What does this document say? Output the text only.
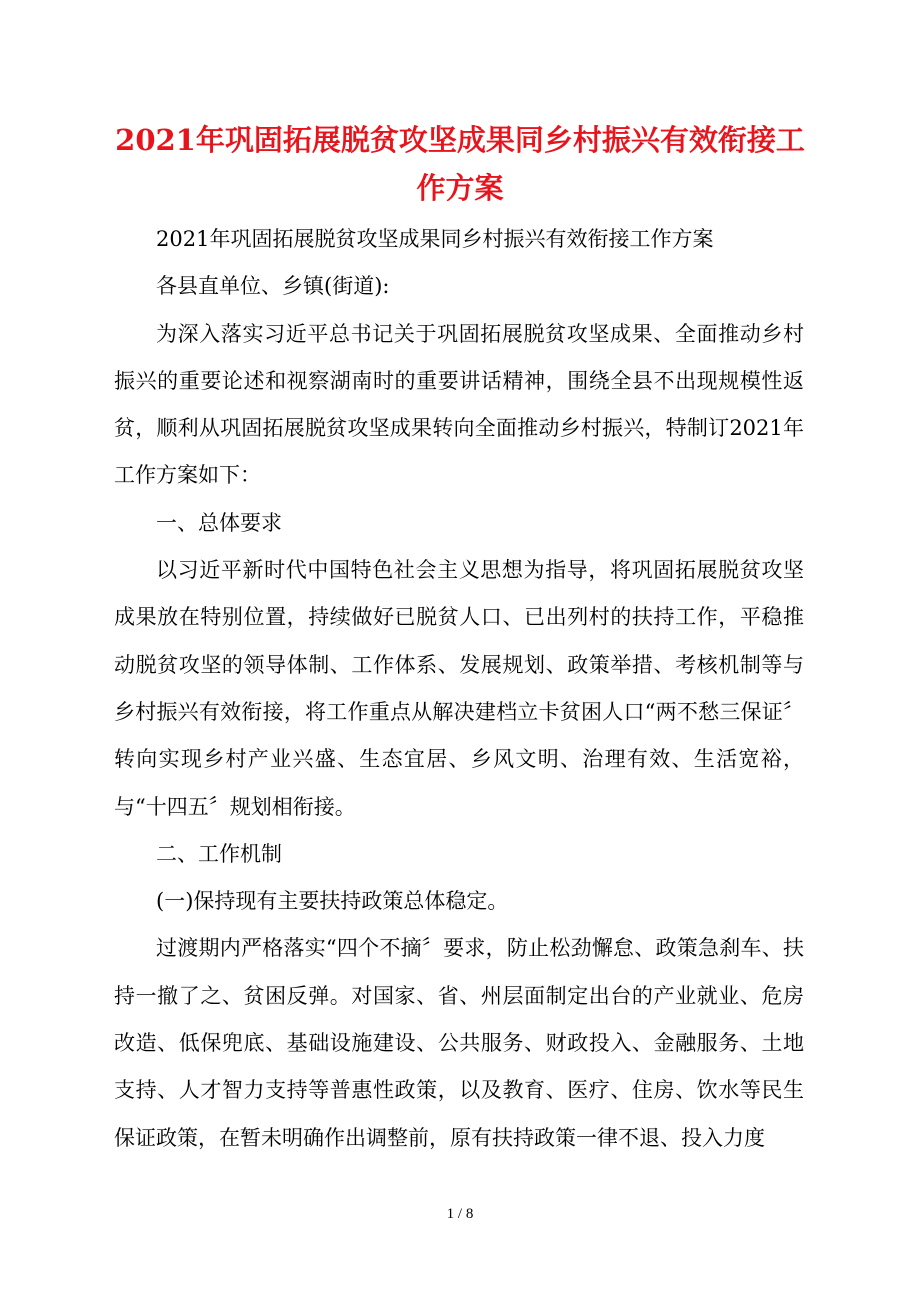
2021年巩固拓展脱贫攻坚成果同乡村振兴有效衔接工作方案

2021年巩固拓展脱贫攻坚成果同乡村振兴有效衔接工作方案

各县直单位、乡镇(街道):

为深入落实习近平总书记关于巩固拓展脱贫攻坚成果、全面推动乡村振兴的重要论述和视察湖南时的重要讲话精神，围绕全县不出现规模性返贫，顺利从巩固拓展脱贫攻坚成果转向全面推动乡村振兴，特制订2021年工作方案如下：

一、总体要求

以习近平新时代中国特色社会主义思想为指导，将巩固拓展脱贫攻坚成果放在特别位置，持续做好已脱贫人口、已出列村的扶持工作，平稳推动脱贫攻坚的领导体制、工作体系、发展规划、政策举措、考核机制等与乡村振兴有效衔接，将工作重点从解决建档立卡贫困人口“两不愁三保证〞转向实现乡村产业兴盛、生态宜居、乡风文明、治理有效、生活宽裕，与“十四五〞规划相衔接。

二、工作机制

(一)保持现有主要扶持政策总体稳定。

过渡期内严格落实“四个不摘〞要求，防止松劲懈怠、政策急刹车、扶持一撤了之、贫困反弹。对国家、省、州层面制定出台的产业就业、危房改造、低保兜底、基础设施建设、公共服务、财政投入、金融服务、土地支持、人才智力支持等普惠性政策，以及教育、医疗、住房、饮水等民生保证政策，在暂未明确作出调整前，原有扶持政策一律不退、投入力度

1 / 8
